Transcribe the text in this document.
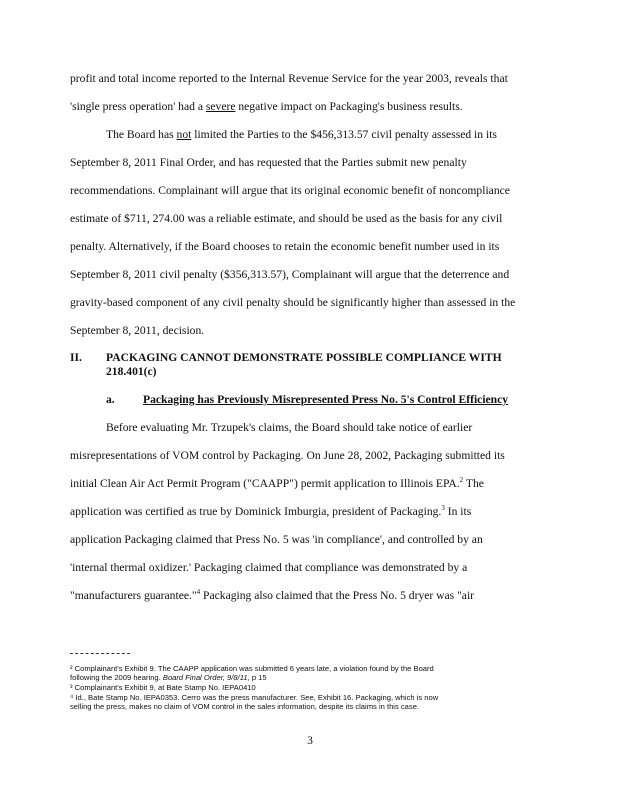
profit and total income reported to the Internal Revenue Service for the year 2003, reveals that
'single press operation' had a severe negative impact on Packaging's business results.
The Board has not limited the Parties to the $456,313.57 civil penalty assessed in its
September 8, 2011 Final Order, and has requested that the Parties submit new penalty
recommendations. Complainant will argue that its original economic benefit of noncompliance
estimate of $711, 274.00 was a reliable estimate, and should be used as the basis for any civil
penalty. Alternatively, if the Board chooses to retain the economic benefit number used in its
September 8, 2011 civil penalty ($356,313.57), Complainant will argue that the deterrence and
gravity-based component of any civil penalty should be significantly higher than assessed in the
September 8, 2011, decision.
II. PACKAGING CANNOT DEMONSTRATE POSSIBLE COMPLIANCE WITH
218.401(c)
a. Packaging has Previously Misrepresented Press No. 5's Control Efficiency
Before evaluating Mr. Trzupek's claims, the Board should take notice of earlier
misrepresentations of VOM control by Packaging. On June 28, 2002, Packaging submitted its
initial Clean Air Act Permit Program ("CAAPP") permit application to Illinois EPA.$^2$ The
application was certified as true by Dominick Imburgia, president of Packaging.$^3$ In its
application Packaging claimed that Press No. 5 was 'in compliance', and controlled by an
'internal thermal oxidizer.' Packaging claimed that compliance was demonstrated by a
"manufacturers guarantee."$^4$ Packaging also claimed that the Press No. 5 dryer was "air
² Complainant's Exhibit 9. The CAAPP application was submitted 6 years late, a violation found by the Board
following the 2009 hearing. Board Final Order, 9/8/11, p 15
³ Complainant's Exhibit 9, at Bate Stamp No. IEPA0410
⁴ Id., Bate Stamp No. IEPA0353. Cerro was the press manufacturer. See, Exhibit 16. Packaging, which is now
selling the press, makes no claim of VOM control in the sales information, despite its claims in this case.
3
